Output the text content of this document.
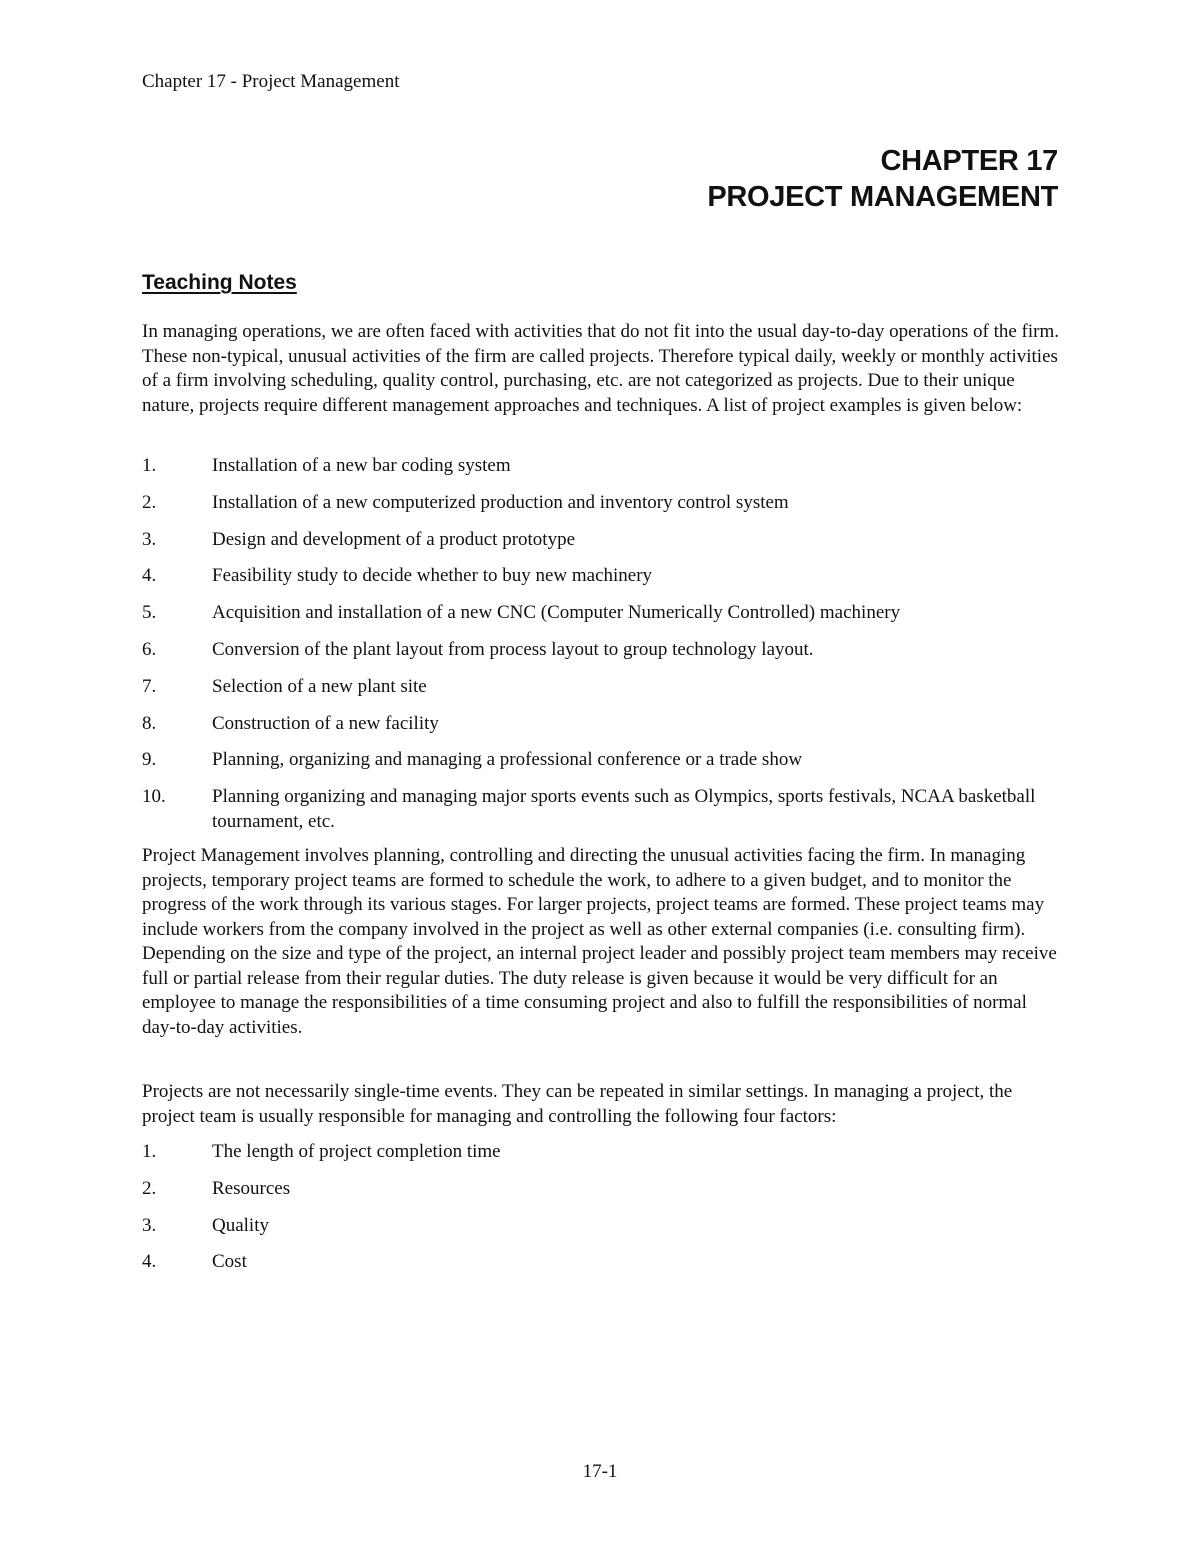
Chapter 17 - Project Management
CHAPTER 17
PROJECT MANAGEMENT
Teaching Notes

In managing operations, we are often faced with activities that do not fit into the usual day-to-day operations of the firm. These non-typical, unusual activities of the firm are called projects. Therefore typical daily, weekly or monthly activities of a firm involving scheduling, quality control, purchasing, etc. are not categorized as projects. Due to their unique nature, projects require different management approaches and techniques. A list of project examples is given below:

1.	Installation of a new bar coding system
2.	Installation of a new computerized production and inventory control system
3.	Design and development of a product prototype
4.	Feasibility study to decide whether to buy new machinery
5.	Acquisition and installation of a new CNC (Computer Numerically Controlled) machinery
6.	Conversion of the plant layout from process layout to group technology layout.
7.	Selection of a new plant site
8.	Construction of a new facility
9.	Planning, organizing and managing a professional conference or a trade show
10.	Planning organizing and managing major sports events such as Olympics, sports festivals, NCAA basketball tournament, etc.

Project Management involves planning, controlling and directing the unusual activities facing the firm. In managing projects, temporary project teams are formed to schedule the work, to adhere to a given budget, and to monitor the progress of the work through its various stages. For larger projects, project teams are formed. These project teams may include workers from the company involved in the project as well as other external companies (i.e. consulting firm). Depending on the size and type of the project, an internal project leader and possibly project team members may receive full or partial release from their regular duties. The duty release is given because it would be very difficult for an employee to manage the responsibilities of a time consuming project and also to fulfill the responsibilities of normal day-to-day activities.

Projects are not necessarily single-time events. They can be repeated in similar settings. In managing a project, the project team is usually responsible for managing and controlling the following four factors:

1.	The length of project completion time
2.	Resources
3.	Quality
4.	Cost
17-1
